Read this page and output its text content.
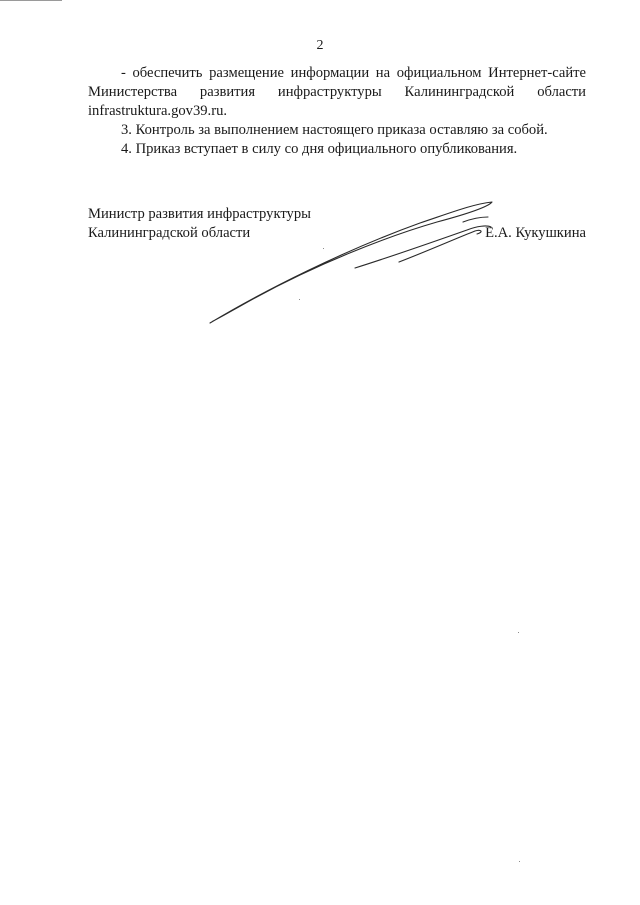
2

- обеспечить размещение информации на официальном Интернет-сайте

Министерства развития инфраструктуры Калининградской области

infrastruktura.gov39.ru.

3. Контроль за выполнением настоящего приказа оставляю за собой.

4. Приказ вступает в силу со дня официального опубликования.

Министр развития инфраструктуры
Калининградской области	Е.А. Кукушкина
